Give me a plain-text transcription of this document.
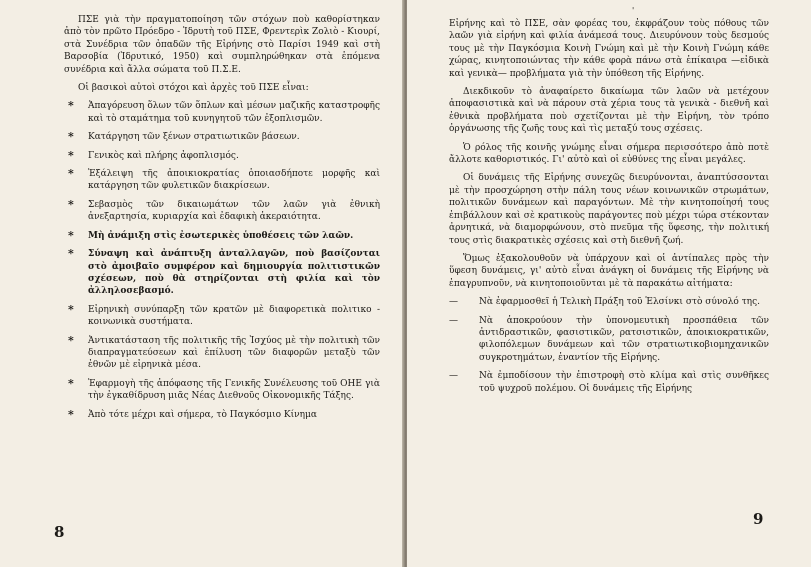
ΠΣΕ γιὰ τὴν πραγματοποίηση τῶν στόχων ποὺ καθορίστηκαν ἀπὸ τὸν πρῶτο Πρόεδρο - Ἱδρυτὴ τοῦ ΠΣΕ, Φρεντερὶκ Ζολιὸ - Κιουρί, στὰ Συνέδρια τῶν ὀπαδῶν τῆς Εἰρήνης στὸ Παρίσι 1949 καὶ στὴ Βαρσοβία (Ἰδρυτικό, 1950) καὶ συμπληρώθηκαν στὰ ἑπόμενα συνέδρια καὶ ἄλλα σώματα τοῦ Π.Σ.Ε.

Οἱ βασικοὶ αὐτοὶ στόχοι καὶ ἀρχὲς τοῦ ΠΣΕ εἶναι:

* Ἀπαγόρευση ὅλων τῶν ὅπλων καὶ μέσων μαζικῆς καταστροφῆς καὶ τὸ σταμάτημα τοῦ κυνηγητοῦ τῶν ἐξοπλισμῶν.
* Κατάργηση τῶν ξένων στρατιωτικῶν βάσεων.
* Γενικὸς καὶ πλήρης ἀφοπλισμός.
* Ἐξάλειψη τῆς ἀποικιοκρατίας ὁποιασδήποτε μορφῆς καὶ κατάργηση τῶν φυλετικῶν διακρίσεων.
* Σεβασμὸς τῶν δικαιωμάτων τῶν λαῶν γιὰ ἐθνικὴ ἀνεξαρτησία, κυριαρχία καὶ ἐδαφικὴ ἀκεραιότητα.
* Μὴ ἀνάμιξη στὶς ἐσωτερικὲς ὑποθέσεις τῶν λαῶν.
* Σύναψη καὶ ἀνάπτυξη ἀνταλλαγῶν, ποὺ βασίζονται στὸ ἀμοιβαῖο συμφέρον καὶ δημιουργία πολιτιστικῶν σχέσεων, ποὺ θὰ στηρίζονται στὴ φιλία καὶ τὸν ἀλληλοσεβασμό.
* Εἰρηνικὴ συνύπαρξη τῶν κρατῶν μὲ διαφορετικὰ πολιτικο - κοινωνικὰ συστήματα.
* Ἀντικατάσταση τῆς πολιτικῆς τῆς Ἰσχύος μὲ τὴν πολιτικὴ τῶν διαπραγματεύσεων καὶ ἐπίλυση τῶν διαφορῶν μεταξὺ τῶν ἐθνῶν μὲ εἰρηνικὰ μέσα.
* Ἐφαρμογὴ τῆς ἀπόφασης τῆς Γενικῆς Συνέλευσης τοῦ ΟΗΕ γιὰ τὴν ἐγκαθίδρυση μιᾶς Νέας Διεθνοῦς Οἰκονομικῆς Τάξης.
* Ἀπὸ τότε μέχρι καὶ σήμερα, τὸ Παγκόσμιο Κίνημα
8
'

Εἰρήνης καὶ τὸ ΠΣΕ, σὰν φορέας του, ἐκφράζουν τοὺς πόθους τῶν λαῶν γιὰ εἰρήνη καὶ φιλία ἀνάμεσά τους. Διευρύνουν τοὺς δεσμούς τους μὲ τὴν Παγκόσμια Κοινὴ Γνώμη καὶ μὲ τὴν Κοινὴ Γνώμη κάθε χώρας, κινητοποιώντας τὴν κάθε φορὰ πάνω στὰ ἐπίκαιρα —εἰδικὰ καὶ γενικὰ— προβλήματα γιὰ τὴν ὑπόθεση τῆς Εἰρήνης.

Διεκδικοῦν τὸ ἀναφαίρετο δικαίωμα τῶν λαῶν νὰ μετέχουν ἀποφασιστικὰ καὶ νὰ πάρουν στὰ χέρια τους τὰ γενικὰ - διεθνῆ καὶ ἐθνικὰ προβλήματα ποὺ σχετίζονται μὲ τὴν Εἰρήνη, τὸν τρόπο ὀργάνωσης τῆς ζωῆς τους καὶ τὶς μεταξύ τους σχέσεις.

Ὁ ρόλος τῆς κοινῆς γνώμης εἶναι σήμερα περισσότερο ἀπὸ ποτὲ ἄλλοτε καθοριστικός. Γι' αὐτὸ καὶ οἱ εὐθύνες της εἶναι μεγάλες.

Οἱ δυνάμεις τῆς Εἰρήνης συνεχῶς διευρύνονται, ἀναπτύσσονται μὲ τὴν προσχώρηση στὴν πάλη τους νέων κοινωνικῶν στρωμάτων, πολιτικῶν δυνάμεων καὶ παραγόντων. Μὲ τὴν κινητοποίησή τους ἐπιβάλλουν καὶ σὲ κρατικοὺς παράγοντες ποὺ μέχρι τώρα στέκονταν ἀρνητικά, νὰ διαμορφώνουν, στὸ πνεῦμα τῆς ὕφεσης, τὴν πολιτική τους στὶς διακρατικὲς σχέσεις καὶ στὴ διεθνῆ ζωή.

Ὅμως ἐξακολουθοῦν νὰ ὑπάρχουν καὶ οἱ ἀντίπαλες πρὸς τὴν ὕφεση δυνάμεις, γι' αὐτὸ εἶναι ἀνάγκη οἱ δυνάμεις τῆς Εἰρήνης νὰ ἐπαγρυπνοῦν, νὰ κινητοποιοῦνται μὲ τὰ παρακάτω αἰτήματα:

— Νὰ ἐφαρμοσθεῖ ἡ Τελικὴ Πράξη τοῦ Ἑλσίνκι στὸ σύνολό της.
— Νὰ ἀποκρούουν τὴν ὑπονομευτικὴ προσπάθεια τῶν ἀντιδραστικῶν, φασιστικῶν, ρατσιστικῶν, ἀποικιοκρατικῶν, φιλοπόλεμων δυνάμεων καὶ τῶν στρατιωτικοβιομηχανικῶν συγκροτημάτων, ἐναντίον τῆς Εἰρήνης.
— Νὰ ἐμποδίσουν τὴν ἐπιστροφὴ στὸ κλίμα καὶ στὶς συνθῆκες τοῦ ψυχροῦ πολέμου. Οἱ δυνάμεις τῆς Εἰρήνης
9
